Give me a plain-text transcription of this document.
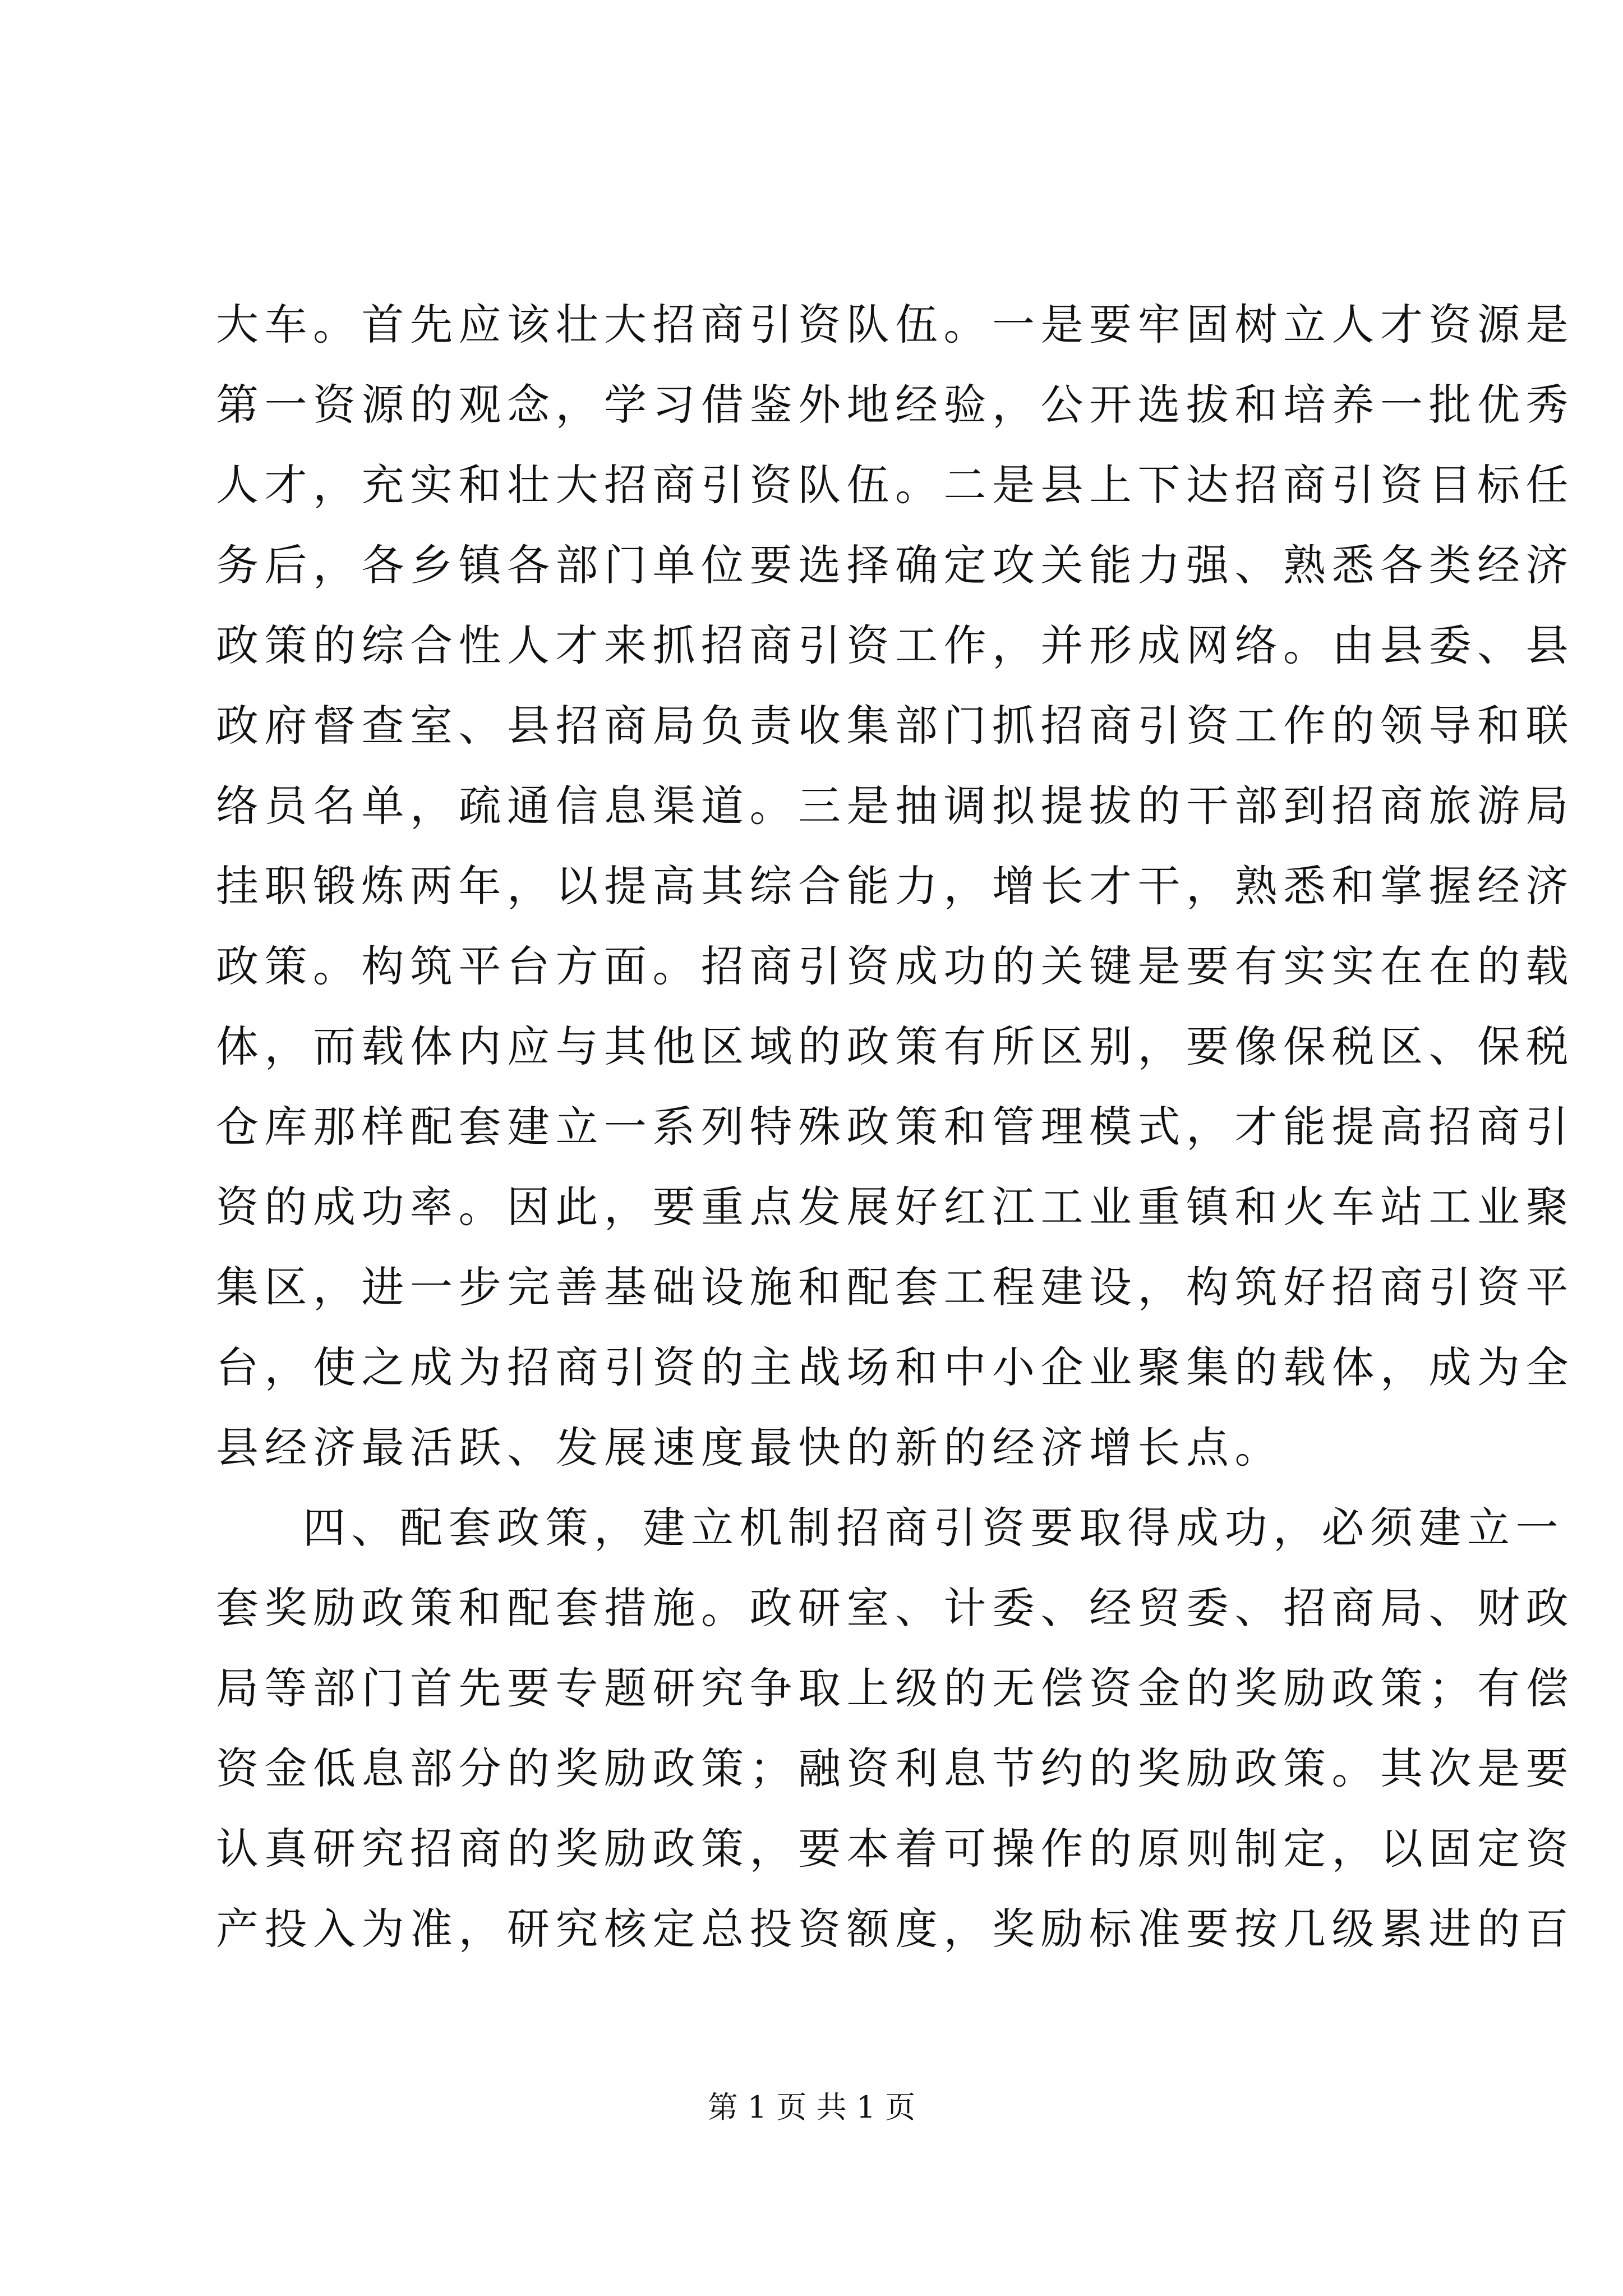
大车。首先应该壮大招商引资队伍。一是要牢固树立人才资源是
第一资源的观念，学习借鉴外地经验，公开选拔和培养一批优秀
人才，充实和壮大招商引资队伍。二是县上下达招商引资目标任
务后，各乡镇各部门单位要选择确定攻关能力强、熟悉各类经济
政策的综合性人才来抓招商引资工作，并形成网络。由县委、县
政府督查室、县招商局负责收集部门抓招商引资工作的领导和联
络员名单，疏通信息渠道。三是抽调拟提拔的干部到招商旅游局
挂职锻炼两年，以提高其综合能力，增长才干，熟悉和掌握经济
政策。构筑平台方面。招商引资成功的关键是要有实实在在的载
体，而载体内应与其他区域的政策有所区别，要像保税区、保税
仓库那样配套建立一系列特殊政策和管理模式，才能提高招商引
资的成功率。因此，要重点发展好红江工业重镇和火车站工业聚
集区，进一步完善基础设施和配套工程建设，构筑好招商引资平
台，使之成为招商引资的主战场和中小企业聚集的载体，成为全
县经济最活跃、发展速度最快的新的经济增长点。
四、配套政策，建立机制招商引资要取得成功，必须建立一
套奖励政策和配套措施。政研室、计委、经贸委、招商局、财政
局等部门首先要专题研究争取上级的无偿资金的奖励政策；有偿
资金低息部分的奖励政策；融资利息节约的奖励政策。其次是要
认真研究招商的奖励政策，要本着可操作的原则制定，以固定资
产投入为准，研究核定总投资额度，奖励标准要按几级累进的百
第 1 页 共 1 页
